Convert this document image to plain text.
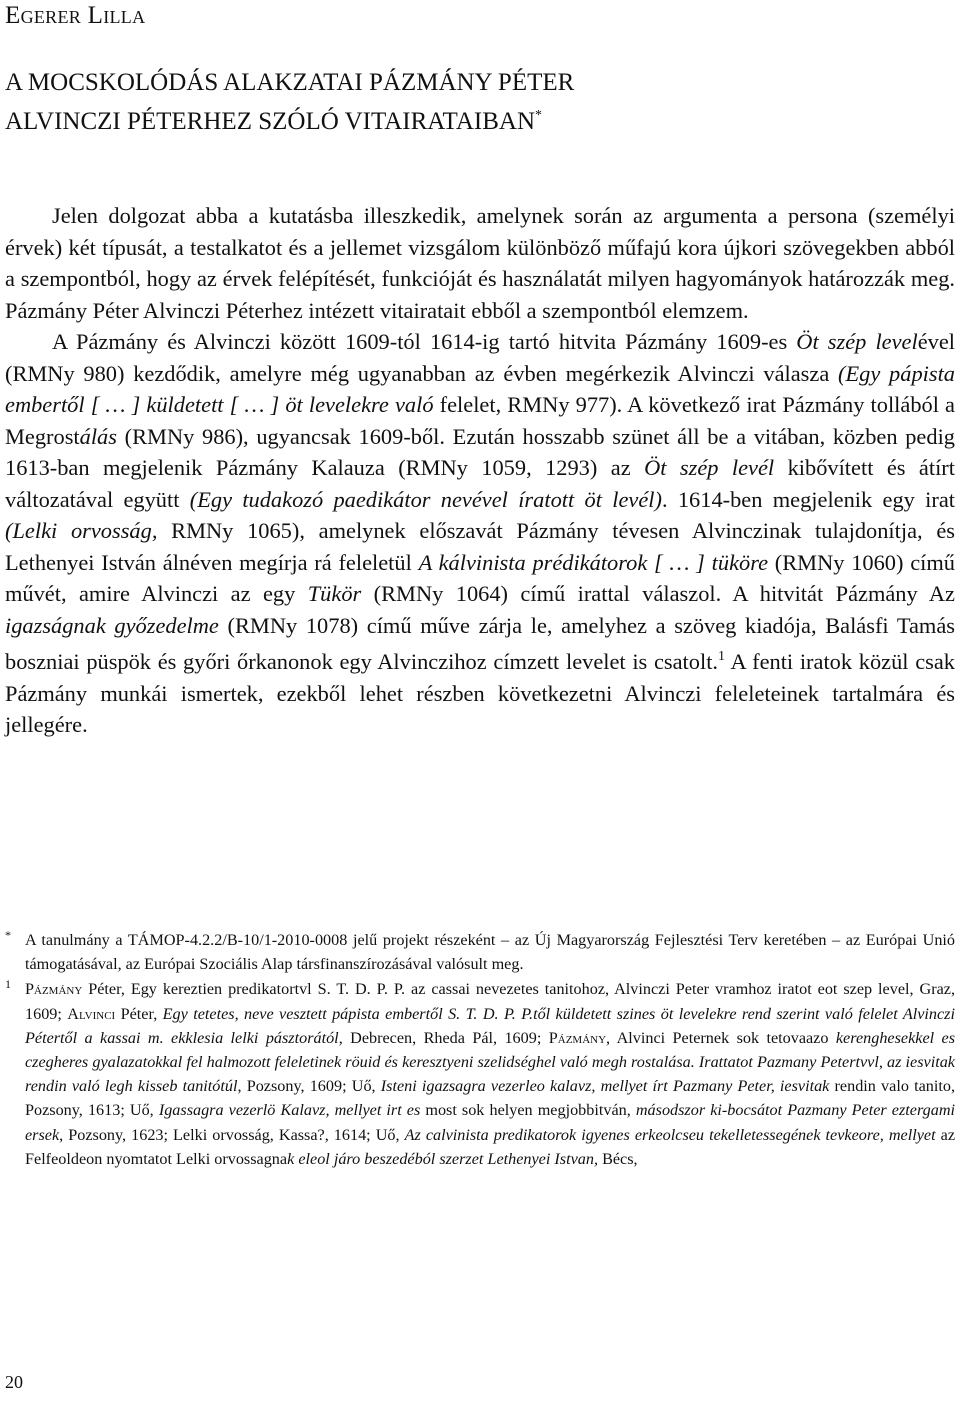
Egerer Lilla
A MOCSKOLÓDÁS ALAKZATAI PÁZMÁNY PÉTER
ALVINCZI PÉTERHEZ SZÓLÓ VITAIRATAIBAN*

Jelen dolgozat abba a kutatásba illeszkedik, amelynek során az argumenta a persona (személyi érvek) két típusát, a testalkatot és a jellemet vizsgálom különböző műfajú kora újkori szövegekben abból a szempontból, hogy az érvek felépítését, funkcióját és használatát milyen hagyományok határozzák meg. Pázmány Péter Alvinczi Péterhez intézett vitairatait ebből a szempontból elemzem.

A Pázmány és Alvinczi között 1609-tól 1614-ig tartó hitvita Pázmány 1609-es Öt szép levelével (RMNy 980) kezdődik, amelyre még ugyanabban az évben megérkezik Alvinczi válasza (Egy pápista embertől [ … ] küldetett [ … ] öt levelekre való felelet, RMNy 977). A következő irat Pázmány tollából a Megrostálás (RMNy 986), ugyancsak 1609-ből. Ezután hosszabb szünet áll be a vitában, közben pedig 1613-ban megjelenik Pázmány Kalauza (RMNy 1059, 1293) az Öt szép levél kibővített és átírt változatával együtt (Egy tudakozó paedikátor nevével íratott öt levél). 1614-ben megjelenik egy irat (Lelki orvosság, RMNy 1065), amelynek előszavát Pázmány tévesen Alvinczinak tulajdonítja, és Lethenyei István álnéven megírja rá feleletül A kálvinista prédikátorok [ … ] tüköre (RMNy 1060) című művét, amire Alvinczi az egy Tükör (RMNy 1064) című irattal válaszol. A hitvitát Pázmány Az igazságnak győzedelme (RMNy 1078) című műve zárja le, amelyhez a szöveg kiadója, Balásfi Tamás boszniai püspök és győri őrkanonok egy Alvinczihoz címzett levelet is csatolt.$^1$ A fenti iratok közül csak Pázmány munkái ismertek, ezekből lehet részben következetni Alvinczi feleleteinek tartalmára és jellegére.

* A tanulmány a TÁMOP-4.2.2/B-10/1-2010-0008 jelű projekt részeként – az Új Magyarország Fejlesztési Terv keretében – az Európai Unió támogatásával, az Európai Szociális Alap társfinanszírozásával valósult meg.

1 Pázmány Péter, Egy kereztien predikatortvl S. T. D. P. P. az cassai nevezetes tanitohoz, Alvinczi Peter vramhoz iratot eot szep level, Graz, 1609; Alvinci Péter, Egy tetetes, neve vesztett pápista embertől S. T. D. P. P.től küldetett szines öt levelekre rend szerint való felelet Alvinczi Pétertől a kassai m. ekklesia lelki pásztorától, Debrecen, Rheda Pál, 1609; Pázmány, Alvinci Peternek sok tetovaazo kerenghesekkel es czegheres gyalazatokkal fel halmozott feleletinek röuid és keresztyeni szelidséghel való megh rostalása. Irattatot Pazmany Petertvvl, az iesvitak rendin való legh kisseb tanitótúl, Pozsony, 1609; Uő, Isteni igazsagra vezerleo kalavz, mellyet írt Pazmany Peter, iesvitak rendin valo tanito, Pozsony, 1613; Uő, Igassagra vezerlö Kalavz, mellyet irt es most sok helyen megjobbitván, másodszor ki-bocsátot Pazmany Peter eztergami ersek, Pozsony, 1623; Lelki orvosság, Kassa?, 1614; Uő, Az calvinista predikatorok igyenes erkeolcseu tekelletessegének tevkeore, mellyet az Felfeoldeon nyomtatot Lelki orvossagnak eleol járo beszedéból szerzet Lethenyei Istvan, Bécs,

20
